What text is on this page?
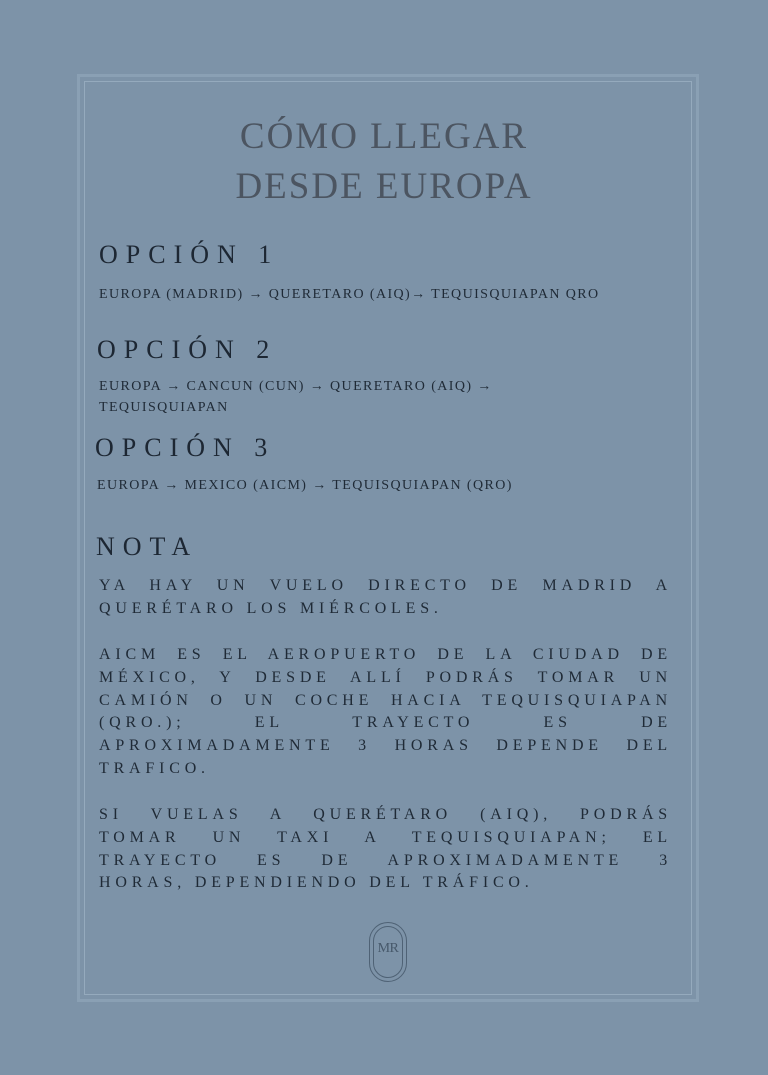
CÓMO LLEGAR
DESDE EUROPA
OPCIÓN 1
EUROPA (MADRID) → QUERETARO (AIQ)→ TEQUISQUIAPAN QRO
OPCIÓN 2
EUROPA → CANCUN (CUN) → QUERETARO (AIQ) →
TEQUISQUIAPAN
OPCIÓN 3
EUROPA → MEXICO (AICM) → TEQUISQUIAPAN (QRO)
NOTA
YA HAY UN VUELO DIRECTO DE MADRID A
QUERÉTARO LOS MIÉRCOLES.
AICM ES EL AEROPUERTO DE LA CIUDAD DE
MÉXICO, Y DESDE ALLÍ PODRÁS TOMAR UN
CAMIÓN O UN COCHE HACIA TEQUISQUIAPAN
(QRO.); EL TRAYECTO ES DE
APROXIMADAMENTE 3 HORAS DEPENDE DEL
TRAFICO.
SI VUELAS A QUERÉTARO (AIQ), PODRÁS
TOMAR UN TAXI A TEQUISQUIAPAN; EL
TRAYECTO ES DE APROXIMADAMENTE 3
HORAS, DEPENDIENDO DEL TRÁFICO.
MR
